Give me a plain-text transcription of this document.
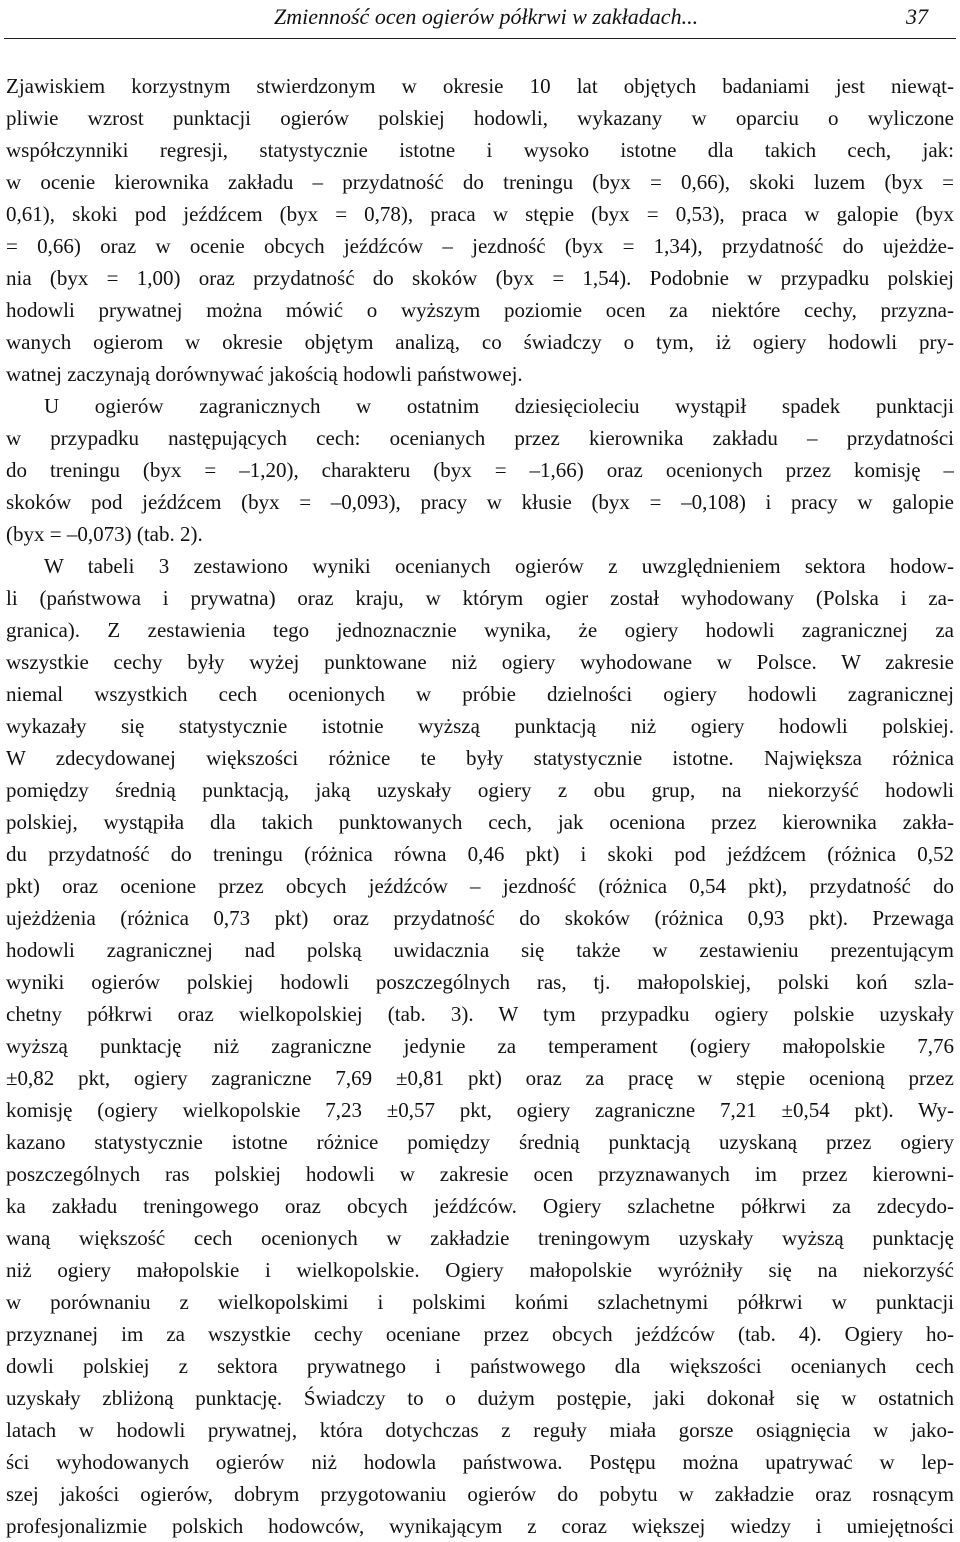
Zmienność ocen ogierów półkrwi w zakładach...	37
Zjawiskiem korzystnym stwierdzonym w okresie 10 lat objętych badaniami jest niewąt-
pliwie wzrost punktacji ogierów polskiej hodowli, wykazany w oparciu o wyliczone
współczynniki regresji, statystycznie istotne i wysoko istotne dla takich cech, jak:
w ocenie kierownika zakładu – przydatność do treningu (byx = 0,66), skoki luzem (byx =
0,61), skoki pod jeźdźcem (byx = 0,78), praca w stępie (byx = 0,53), praca w galopie (byx
= 0,66) oraz w ocenie obcych jeźdźców – jezdność (byx = 1,34), przydatność do ujeżdże-
nia (byx = 1,00) oraz przydatność do skoków (byx = 1,54). Podobnie w przypadku polskiej
hodowli prywatnej można mówić o wyższym poziomie ocen za niektóre cechy, przyzna-
wanych ogierom w okresie objętym analizą, co świadczy o tym, iż ogiery hodowli pry-
watnej zaczynają dorównywać jakością hodowli państwowej.
U ogierów zagranicznych w ostatnim dziesięcioleciu wystąpił spadek punktacji
w przypadku następujących cech: ocenianych przez kierownika zakładu – przydatności
do treningu (byx = –1,20), charakteru (byx = –1,66) oraz ocenionych przez komisję –
skoków pod jeźdźcem (byx = –0,093), pracy w kłusie (byx = –0,108) i pracy w galopie
(byx = –0,073) (tab. 2).
W tabeli 3 zestawiono wyniki ocenianych ogierów z uwzględnieniem sektora hodow-
li (państwowa i prywatna) oraz kraju, w którym ogier został wyhodowany (Polska i za-
granica). Z zestawienia tego jednoznacznie wynika, że ogiery hodowli zagranicznej za
wszystkie cechy były wyżej punktowane niż ogiery wyhodowane w Polsce. W zakresie
niemal wszystkich cech ocenionych w próbie dzielności ogiery hodowli zagranicznej
wykazały się statystycznie istotnie wyższą punktacją niż ogiery hodowli polskiej.
W zdecydowanej większości różnice te były statystycznie istotne. Największa różnica
pomiędzy średnią punktacją, jaką uzyskały ogiery z obu grup, na niekorzyść hodowli
polskiej, wystąpiła dla takich punktowanych cech, jak oceniona przez kierownika zakła-
du przydatność do treningu (różnica równa 0,46 pkt) i skoki pod jeźdźcem (różnica 0,52
pkt) oraz ocenione przez obcych jeźdźców – jezdność (różnica 0,54 pkt), przydatność do
ujeżdżenia (różnica 0,73 pkt) oraz przydatność do skoków (różnica 0,93 pkt). Przewaga
hodowli zagranicznej nad polską uwidacznia się także w zestawieniu prezentującym
wyniki ogierów polskiej hodowli poszczególnych ras, tj. małopolskiej, polski koń szla-
chetny półkrwi oraz wielkopolskiej (tab. 3). W tym przypadku ogiery polskie uzyskały
wyższą punktację niż zagraniczne jedynie za temperament (ogiery małopolskie 7,76
±0,82 pkt, ogiery zagraniczne 7,69 ±0,81 pkt) oraz za pracę w stępie ocenioną przez
komisję (ogiery wielkopolskie 7,23 ±0,57 pkt, ogiery zagraniczne 7,21 ±0,54 pkt). Wy-
kazano statystycznie istotne różnice pomiędzy średnią punktacją uzyskaną przez ogiery
poszczególnych ras polskiej hodowli w zakresie ocen przyznawanych im przez kierowni-
ka zakładu treningowego oraz obcych jeźdźców. Ogiery szlachetne półkrwi za zdecydo-
waną większość cech ocenionych w zakładzie treningowym uzyskały wyższą punktację
niż ogiery małopolskie i wielkopolskie. Ogiery małopolskie wyróżniły się na niekorzyść
w porównaniu z wielkopolskimi i polskimi końmi szlachetnymi półkrwi w punktacji
przyznanej im za wszystkie cechy oceniane przez obcych jeźdźców (tab. 4). Ogiery ho-
dowli polskiej z sektora prywatnego i państwowego dla większości ocenianych cech
uzyskały zbliżoną punktację. Świadczy to o dużym postępie, jaki dokonał się w ostatnich
latach w hodowli prywatnej, która dotychczas z reguły miała gorsze osiągnięcia w jako-
ści wyhodowanych ogierów niż hodowla państwowa. Postępu można upatrywać w lep-
szej jakości ogierów, dobrym przygotowaniu ogierów do pobytu w zakładzie oraz rosnącym
profesjonalizmie polskich hodowców, wynikającym z coraz większej wiedzy i umiejętności
